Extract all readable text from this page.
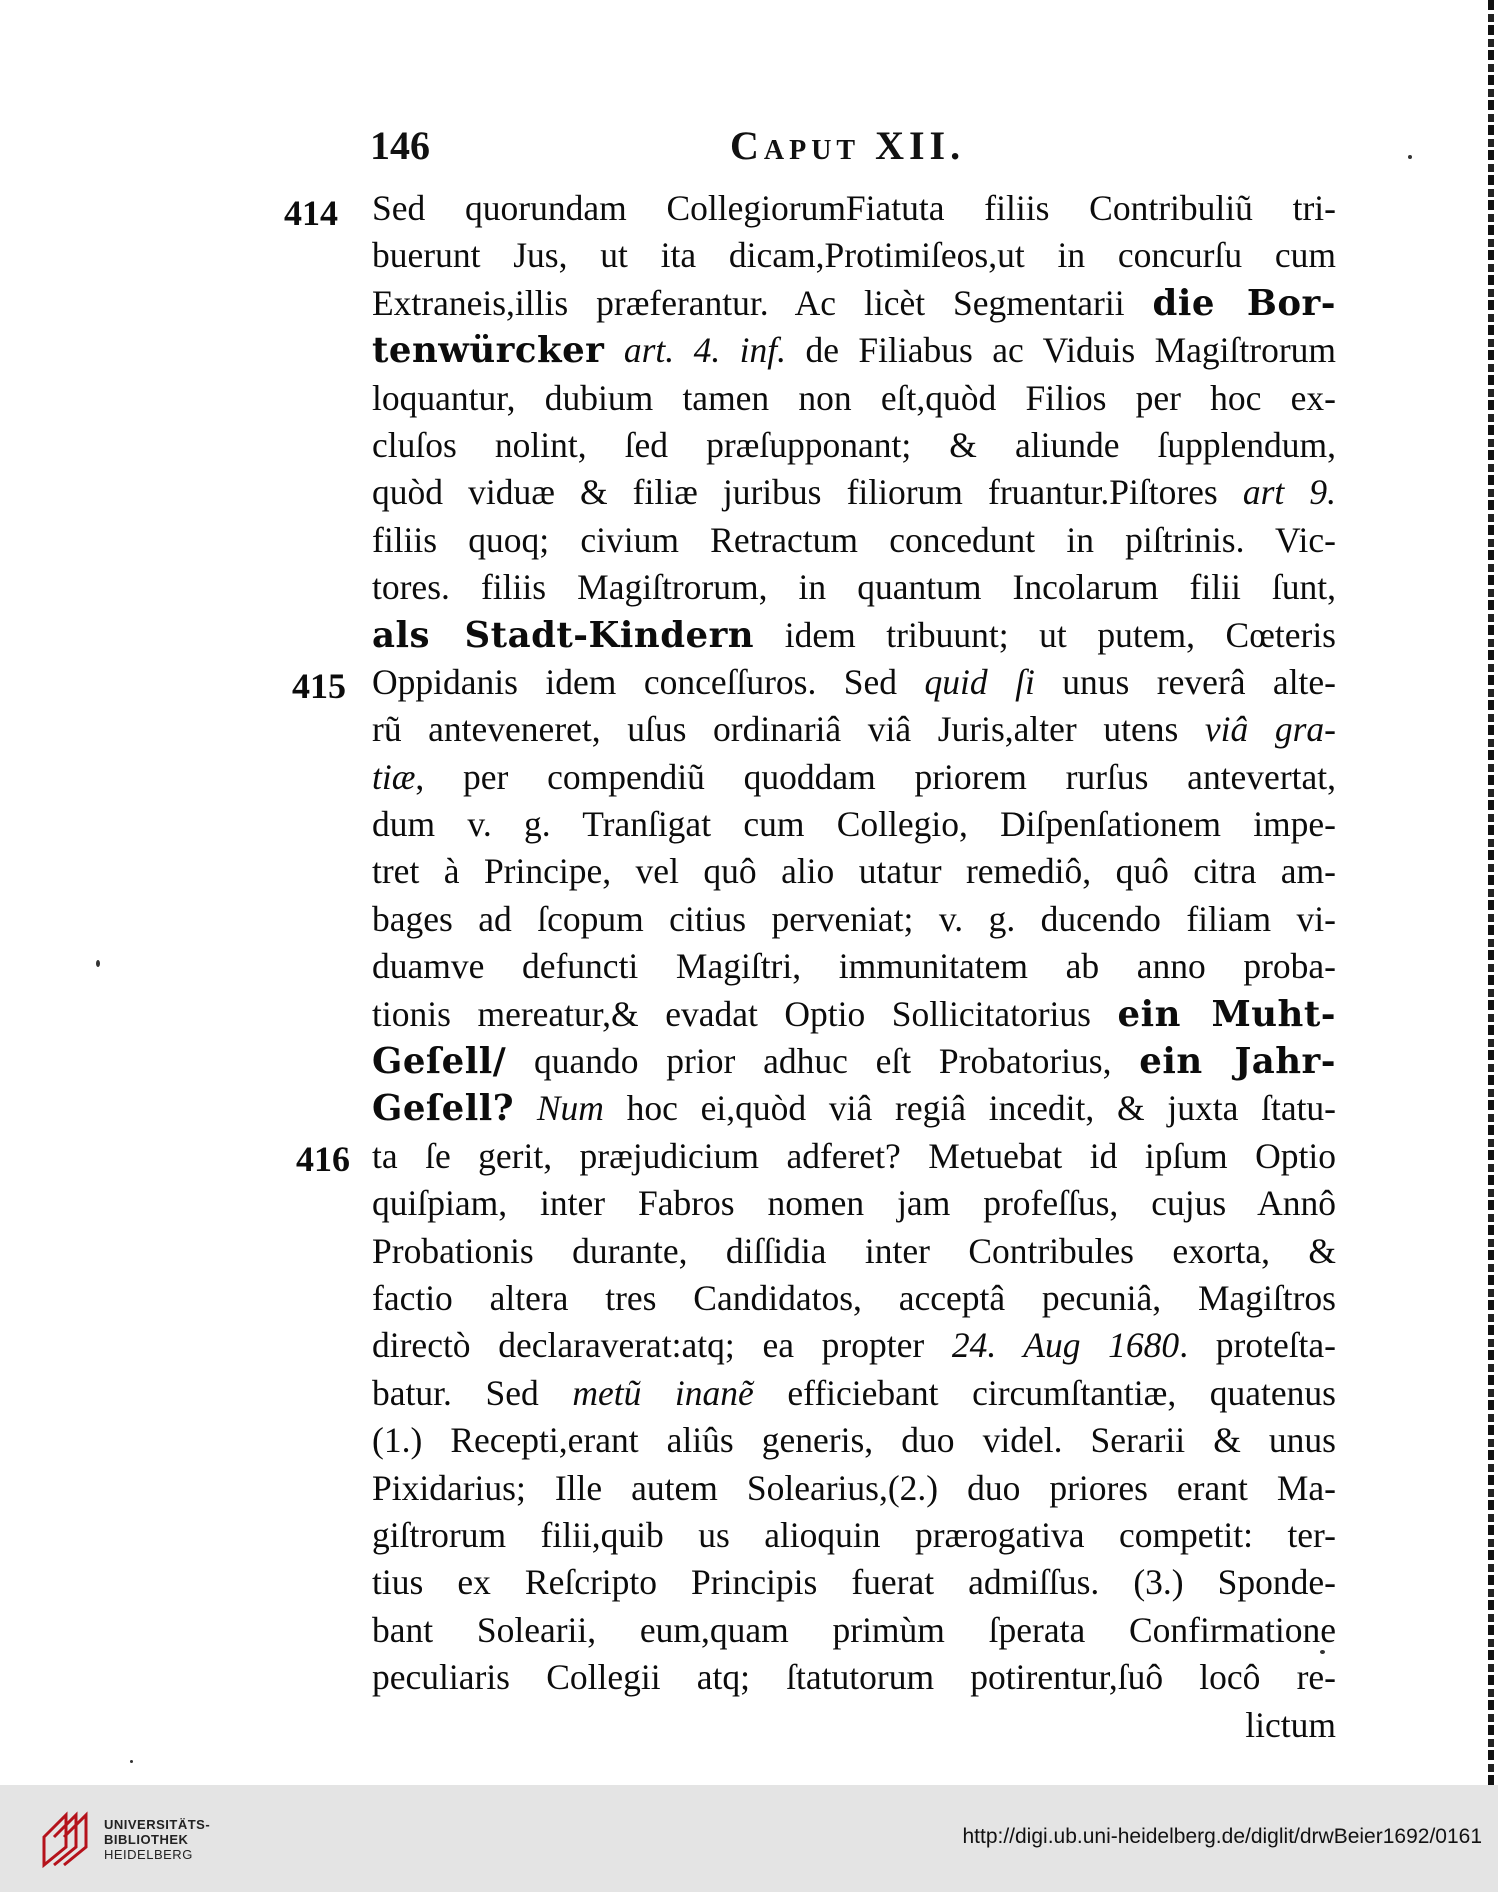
146	Caput XII.
414
415
416
Sed quorundam CollegiorumFiatuta filiis Contribuliũ tri-
buerunt Jus, ut ita dicam,Protimiſeos,ut in concurſu cum
Extraneis,illis præferantur. Ac licèt Segmentarii die Bor-
tenwürcker art. 4. inf. de Filiabus ac Viduis Magiſtrorum
loquantur, dubium tamen non eſt,quòd Filios per hoc ex-
cluſos nolint, ſed præſupponant; & aliunde ſupplendum,
quòd viduæ & filiæ juribus filiorum fruantur.Piſtores art 9.
filiis quoq; civium Retractum concedunt in piſtrinis. Vic-
tores. filiis Magiſtrorum, in quantum Incolarum filii ſunt,
als Stadt-Kindern idem tribuunt; ut putem, Cœteris
Oppidanis idem conceſſuros. Sed quid ſi unus reverâ alte-
rũ anteveneret, uſus ordinariâ viâ Juris,alter utens viâ gra-
tiæ, per compendiũ quoddam priorem rurſus antevertat,
dum v. g. Tranſigat cum Collegio, Diſpenſationem impe-
tret à Principe, vel quô alio utatur remediô, quô citra am-
bages ad ſcopum citius perveniat; v. g. ducendo filiam vi-
duamve defuncti Magiſtri, immunitatem ab anno proba-
tionis mereatur,& evadat Optio Sollicitatorius ein Muht-
Geſell/ quando prior adhuc eſt Probatorius, ein Jahr-
Geſell? Num hoc ei,quòd viâ regiâ incedit, & juxta ſtatu-
ta ſe gerit, præjudicium adferet? Metuebat id ipſum Optio
quiſpiam, inter Fabros nomen jam profeſſus, cujus Annô
Probationis durante, diſſidia inter Contribules exorta, &
factio altera tres Candidatos, acceptâ pecuniâ, Magiſtros
directò declaraverat:atq; ea propter 24. Aug 1680. proteſta-
batur. Sed metũ inanẽ efficiebant circumſtantiæ, quatenus
(1.) Recepti,erant aliûs generis, duo videl. Serarii & unus
Pixidarius; Ille autem Solearius,(2.) duo priores erant Ma-
giſtrorum filii,quib us alioquin prærogativa competit: ter-
tius ex Reſcripto Principis fuerat admiſſus. (3.) Sponde-
bant Solearii, eum,quam primùm ſperata Confirmatione
peculiaris Collegii atq; ſtatutorum potirentur,ſuô locô re-
lictum
UNIVERSITÄTS-
BIBLIOTHEK
HEIDELBERG
http://digi.ub.uni-heidelberg.de/diglit/drwBeier1692/0161
